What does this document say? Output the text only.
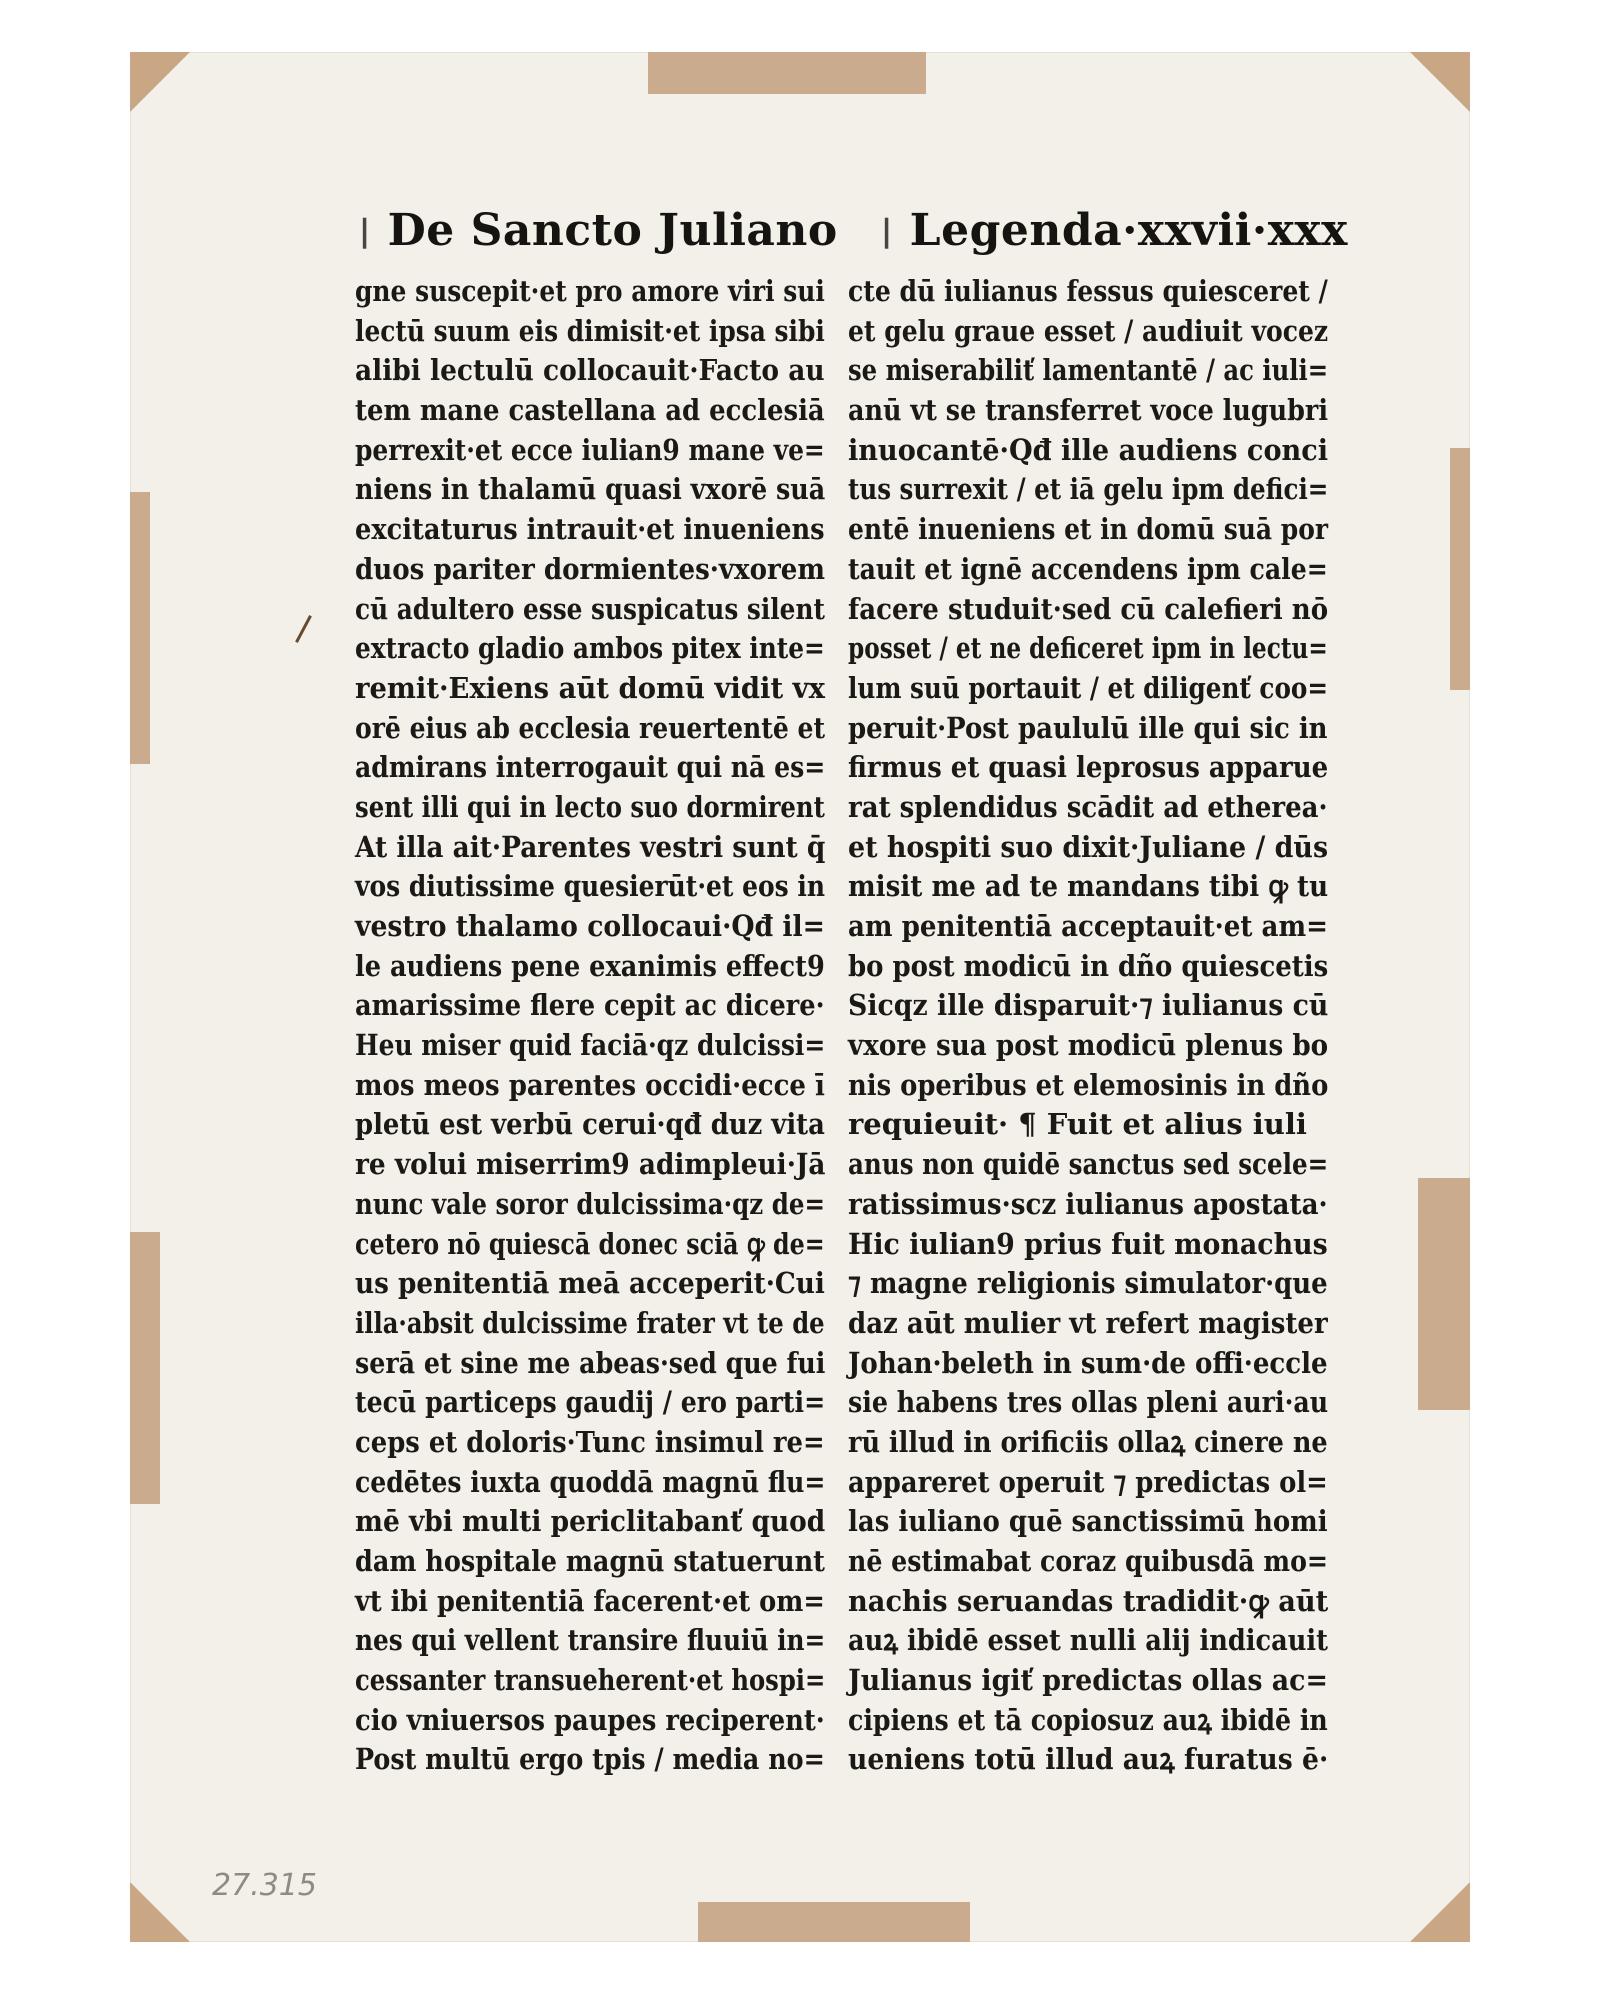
❘ De Sancto Juliano ❘ Legenda·xxvii·xxx
gne suscepit·et pro amore viri sui
lectū suum eis dimisit·et ipsa sibi
alibi lectulū collocauit·Facto au
tem mane castellana ad ecclesiā
perrexit·et ecce iulian9 mane ve=
niens in thalamū quasi vxorē suā
excitaturus intrauit·et inueniens
duos pariter dormientes·vxorem
cū adultero esse suspicatus silent
extracto gladio ambos pitex inte=
remit·Exiens aūt domū vidit vx
orē eius ab ecclesia reuertentē et
admirans interrogauit qui nā es=
sent illi qui in lecto suo dormirent
At illa ait·Parentes vestri sunt q̄
vos diutissime quesierūt·et eos in
vestro thalamo collocaui·Qđ il=
le audiens pene exanimis effect9
amarissime flere cepit ac dicere·
Heu miser quid faciā·qz dulcissi=
mos meos parentes occidi·ecce ī
pletū est verbū cerui·qđ duz vita
re volui miserrim9 adimpleui·Jā
nunc vale soror dulcissima·qz de=
cetero nō quiescā donec sciā ꝙ de=
us penitentiā meā acceperit·Cui
illa·absit dulcissime frater vt te de
serā et sine me abeas·sed que fui
tecū particeps gaudij / ero parti=
ceps et doloris·Tunc insimul re=
cedētes iuxta quoddā magnū flu=
mē vbi multi periclitabanť quod
dam hospitale magnū statuerunt
vt ibi penitentiā facerent·et om=
nes qui vellent transire fluuiū in=
cessanter transueherent·et hospi=
cio vniuersos paupes reciperent·
Post multū ergo tpis / media no=
cte dū iulianus fessus quiesceret /
et gelu graue esset / audiuit vocez
se miserabiliť lamentantē / ac iuli=
anū vt se transferret voce lugubri
inuocantē·Qđ ille audiens conci
tus surrexit / et iā gelu ipm defici=
entē inueniens et in domū suā por
tauit et ignē accendens ipm cale=
facere studuit·sed cū calefieri nō
posset / et ne deficeret ipm in lectu=
lum suū portauit / et diligenť coo=
peruit·Post paululū ille qui sic in
firmus et quasi leprosus apparue
rat splendidus scādit ad etherea·
et hospiti suo dixit·Juliane / dūs
misit me ad te mandans tibi ꝙ tu
am penitentiā acceptauit·et am=
bo post modicū in dño quiescetis
Sicqz ille disparuit·⁊ iulianus cū
vxore sua post modicū plenus bo
nis operibus et elemosinis in dño
requieuit· ¶ Fuit et alius iuli
anus non quidē sanctus sed scele=
ratissimus·scz iulianus apostata·
Hic iulian9 prius fuit monachus
⁊ magne religionis simulator·que
daz aūt mulier vt refert magister
Johan·beleth in sum·de offi·eccle
sie habens tres ollas pleni auri·au
rū illud in orificiis ollaꝝ cinere ne
appareret operuit ⁊ predictas ol=
las iuliano quē sanctissimū homi
nē estimabat coraz quibusdā mo=
nachis seruandas tradidit·ꝙ aūt
auꝝ ibidē esset nulli alij indicauit
Julianus igiť predictas ollas ac=
cipiens et tā copiosuz auꝝ ibidē in
ueniens totū illud auꝝ furatus ē·
27.315
